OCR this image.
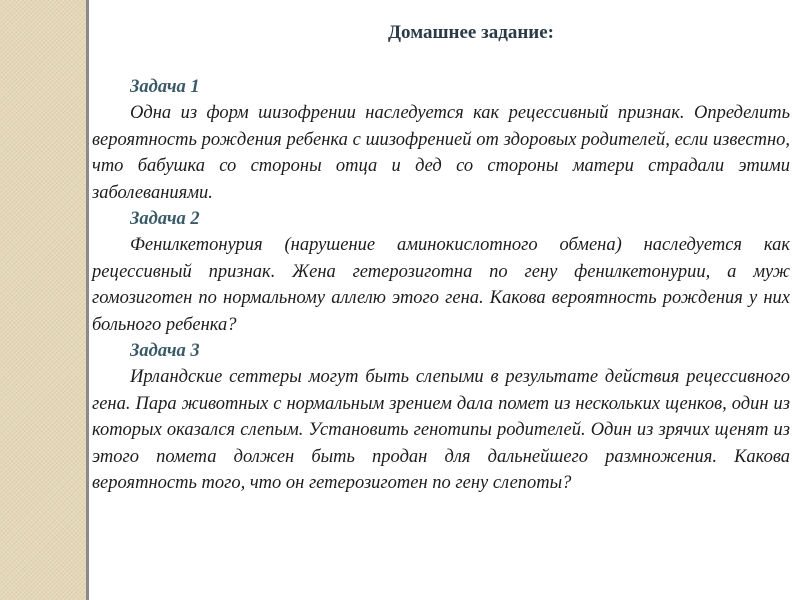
Домашнее задание:
Задача 1

Одна из форм шизофрении наследуется как рецессивный признак. Определить вероятность рождения ребенка с шизофренией от здоровых родителей, если известно, что бабушка со стороны отца и дед со стороны матери страдали этими заболеваниями.

Задача 2

Фенилкетонурия (нарушение аминокислотного обмена) наследуется как рецессивный признак. Жена гетерозиготна по гену фенилкетонурии, а муж гомозиготен по нормальному аллелю этого гена. Какова вероятность рождения у них больного ребенка?

Задача 3

Ирландские сеттеры могут быть слепыми в результате действия рецессивного гена. Пара животных с нормальным зрением дала помет из нескольких щенков, один из которых оказался слепым. Установить генотипы родителей. Один из зрячих щенят из этого помета должен быть продан для дальнейшего размножения. Какова вероятность того, что он гетерозиготен по гену слепоты?
